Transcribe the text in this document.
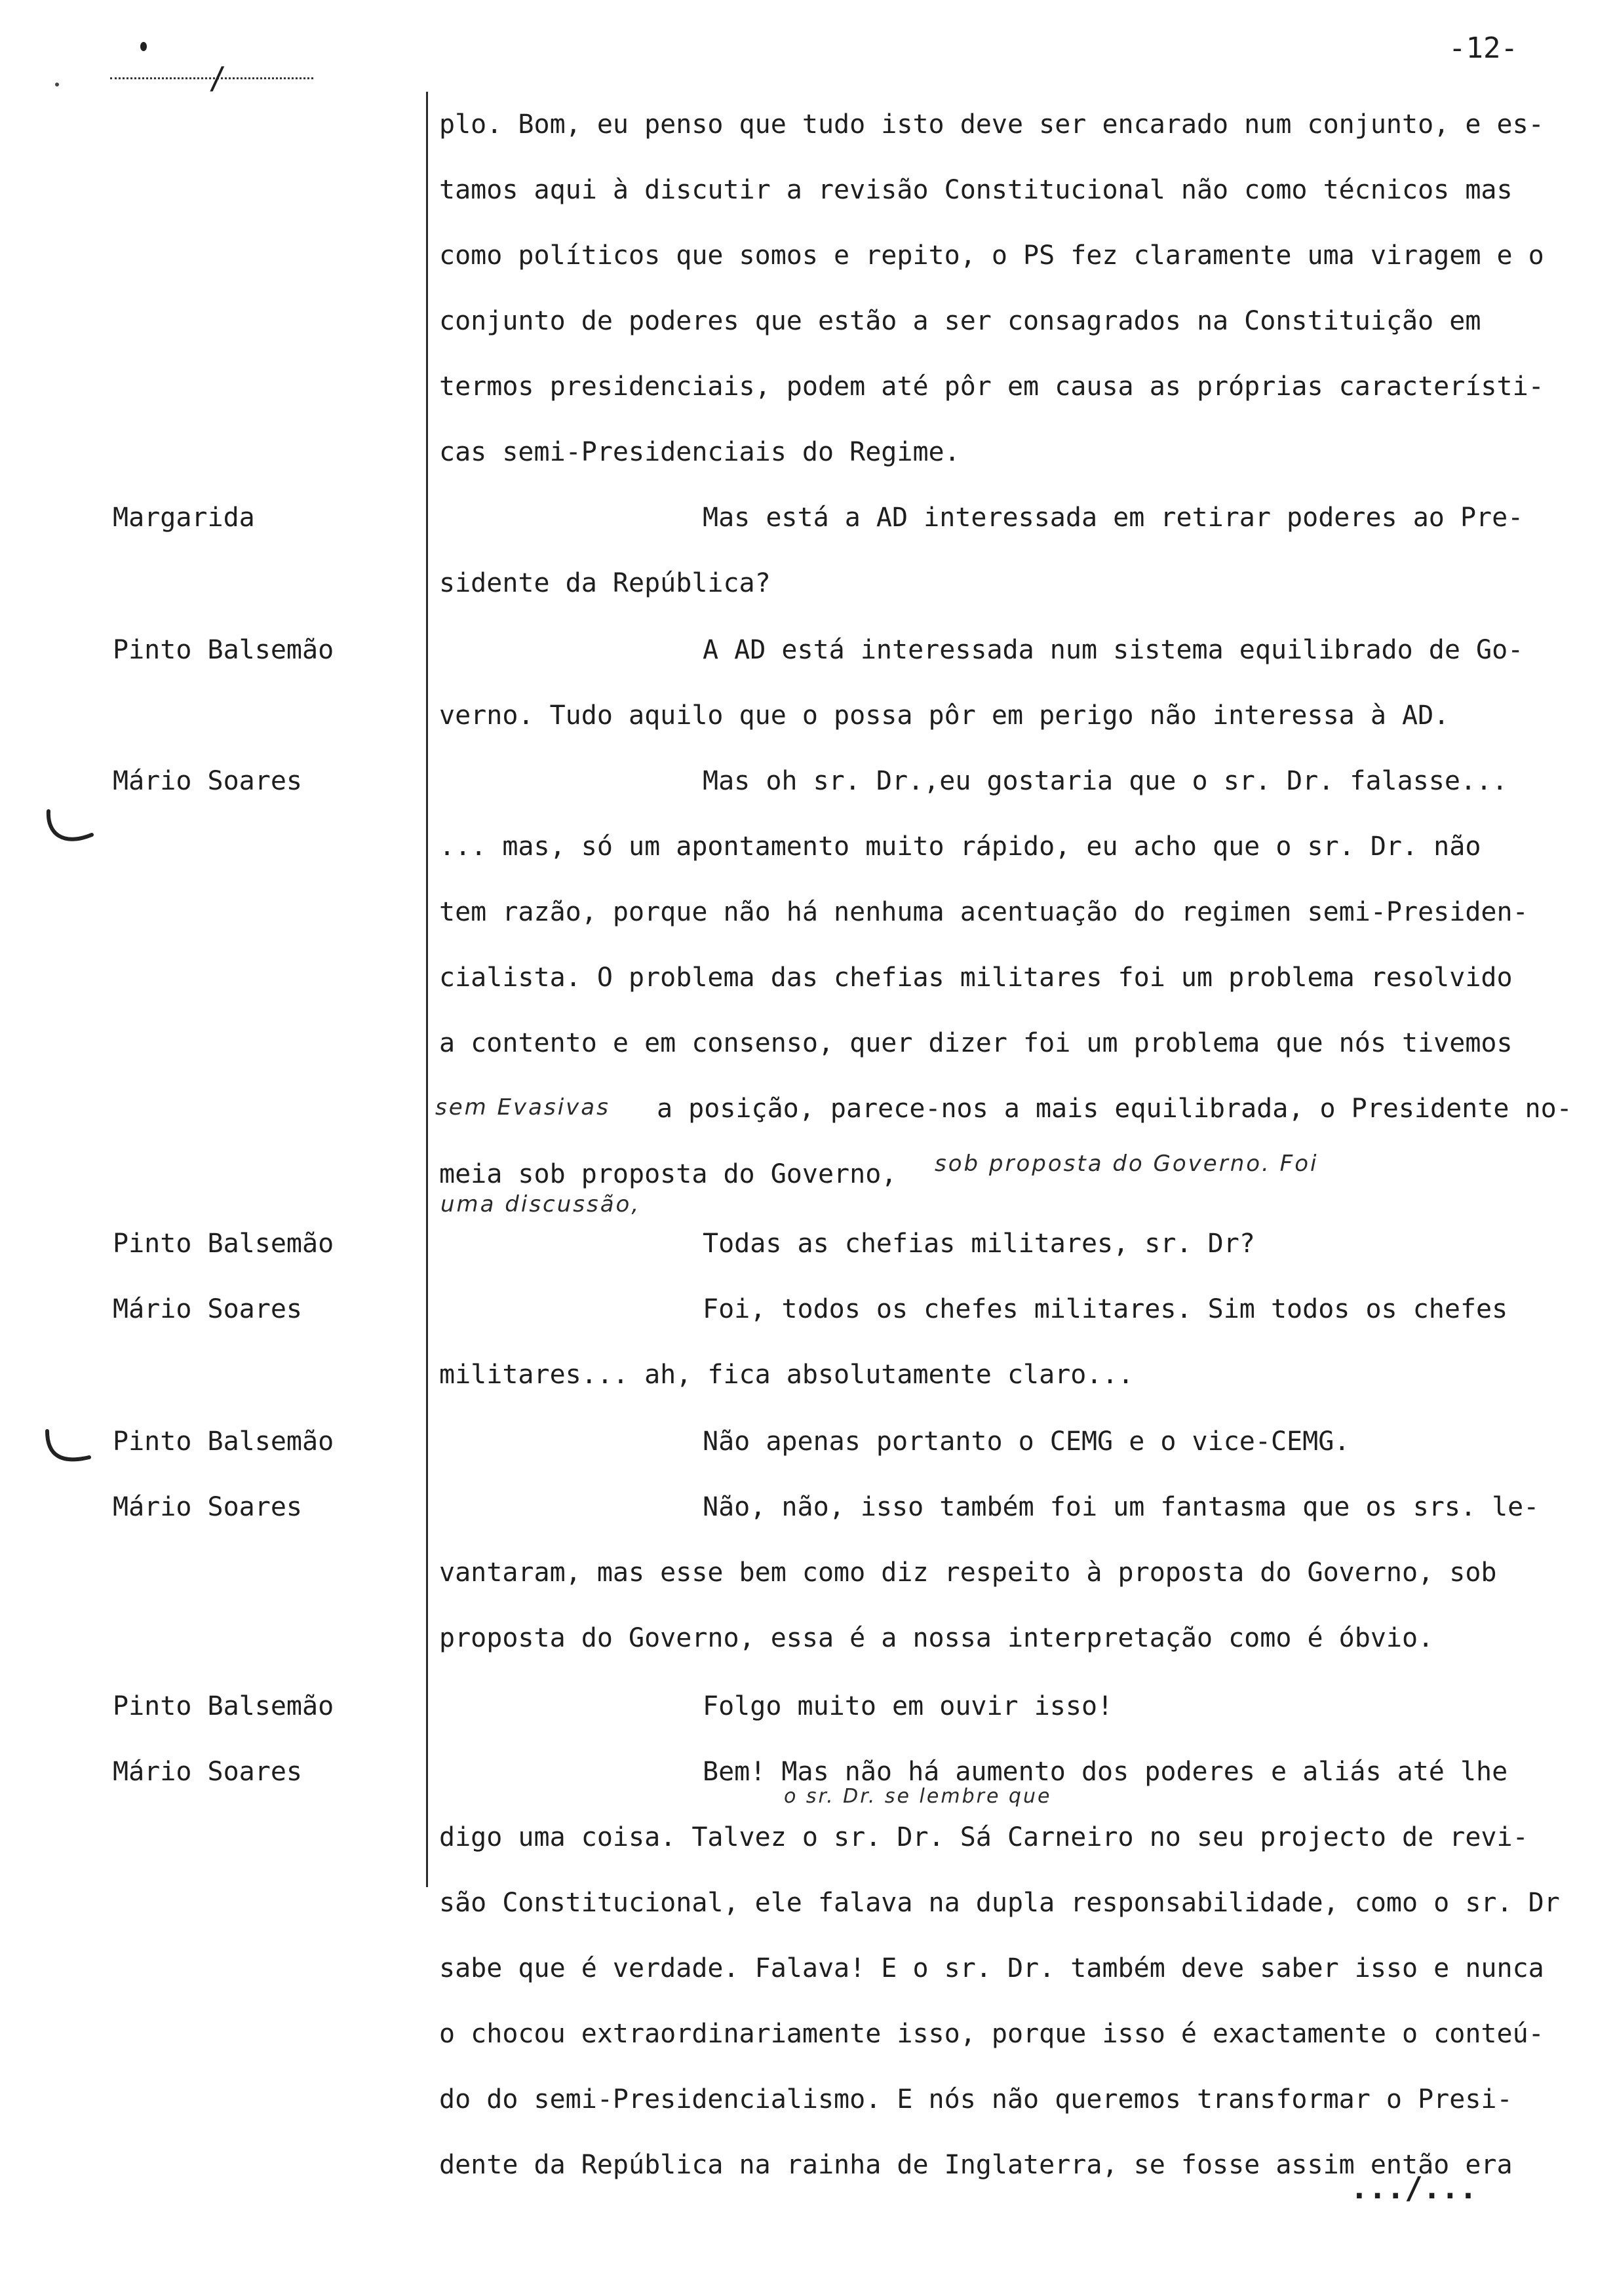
/
-12-
Margarida
Pinto Balsemão
Mário Soares
Pinto Balsemão
Mário Soares
Pinto Balsemão
Mário Soares
Pinto Balsemão
Mário Soares
plo. Bom, eu penso que tudo isto deve ser encarado num conjunto, e es-
tamos aqui à discutir a revisão Constitucional não como técnicos mas
como políticos que somos e repito, o PS fez claramente uma viragem e o
conjunto de poderes que estão a ser consagrados na Constituição em
termos presidenciais, podem até pôr em causa as próprias característi-
cas semi-Presidenciais do Regime.
Mas está a AD interessada em retirar poderes ao Pre-
sidente da República?
A AD está interessada num sistema equilibrado de Go-
verno. Tudo aquilo que o possa pôr em perigo não interessa à AD.
Mas oh sr. Dr.,eu gostaria que o sr. Dr. falasse...
... mas, só um apontamento muito rápido, eu acho que o sr. Dr. não
tem razão, porque não há nenhuma acentuação do regimen semi-Presiden-
cialista. O problema das chefias militares foi um problema resolvido
a contento e em consenso, quer dizer foi um problema que nós tivemos
sem Evasivas a posição, parece-nos a mais equilibrada, o Presidente no-
meia sob proposta do Governo, sob proposta do Governo. Foi
uma discussão,
Todas as chefias militares, sr. Dr?
Foi, todos os chefes militares. Sim todos os chefes
militares... ah, fica absolutamente claro...
Não apenas portanto o CEMG e o vice-CEMG.
Não, não, isso também foi um fantasma que os srs. le-
vantaram, mas esse bem como diz respeito à proposta do Governo, sob
proposta do Governo, essa é a nossa interpretação como é óbvio.
Folgo muito em ouvir isso!
Bem! Mas não há aumento dos poderes e aliás até lhe
o sr. Dr. se lembre que
digo uma coisa. Talvez o sr. Dr. Sá Carneiro no seu projecto de revi-
são Constitucional, ele falava na dupla responsabilidade, como o sr. Dr
sabe que é verdade. Falava! E o sr. Dr. também deve saber isso e nunca
o chocou extraordinariamente isso, porque isso é exactamente o conteú-
do do semi-Presidencialismo. E nós não queremos transformar o Presi-
dente da República na rainha de Inglaterra, se fosse assim então era
.../...
